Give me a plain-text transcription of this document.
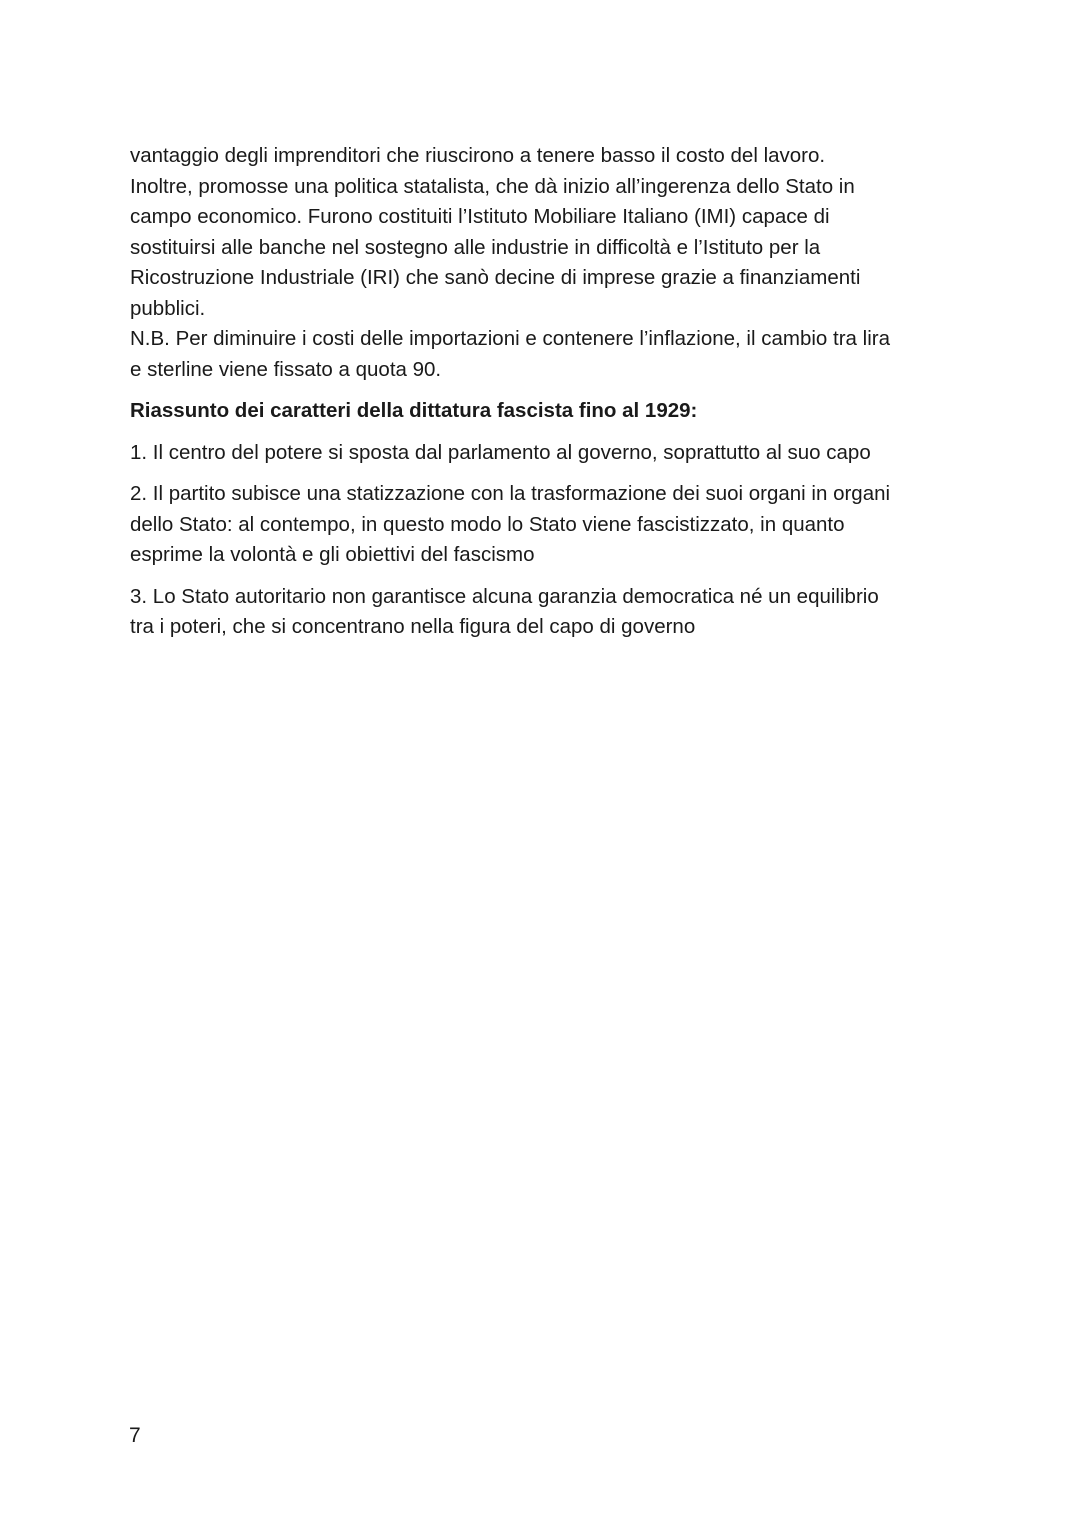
vantaggio degli imprenditori che riuscirono a tenere basso il costo del lavoro.
Inoltre, promosse una politica statalista, che dà inizio all’ingerenza dello Stato in
campo economico. Furono costituiti l’Istituto Mobiliare Italiano (IMI) capace di
sostituirsi alle banche nel sostegno alle industrie in difficoltà e l’Istituto per la
Ricostruzione Industriale (IRI) che sanò decine di imprese grazie a finanziamenti
pubblici.
N.B. Per diminuire i costi delle importazioni e contenere l’inflazione, il cambio tra lira
e sterline viene fissato a quota 90.
Riassunto dei caratteri della dittatura fascista fino al 1929:
1. Il centro del potere si sposta dal parlamento al governo, soprattutto al suo capo
2. Il partito subisce una statizzazione con la trasformazione dei suoi organi in organi
dello Stato: al contempo, in questo modo lo Stato viene fascistizzato, in quanto
esprime la volontà e gli obiettivi del fascismo
3. Lo Stato autoritario non garantisce alcuna garanzia democratica né un equilibrio
tra i poteri, che si concentrano nella figura del capo di governo
7
